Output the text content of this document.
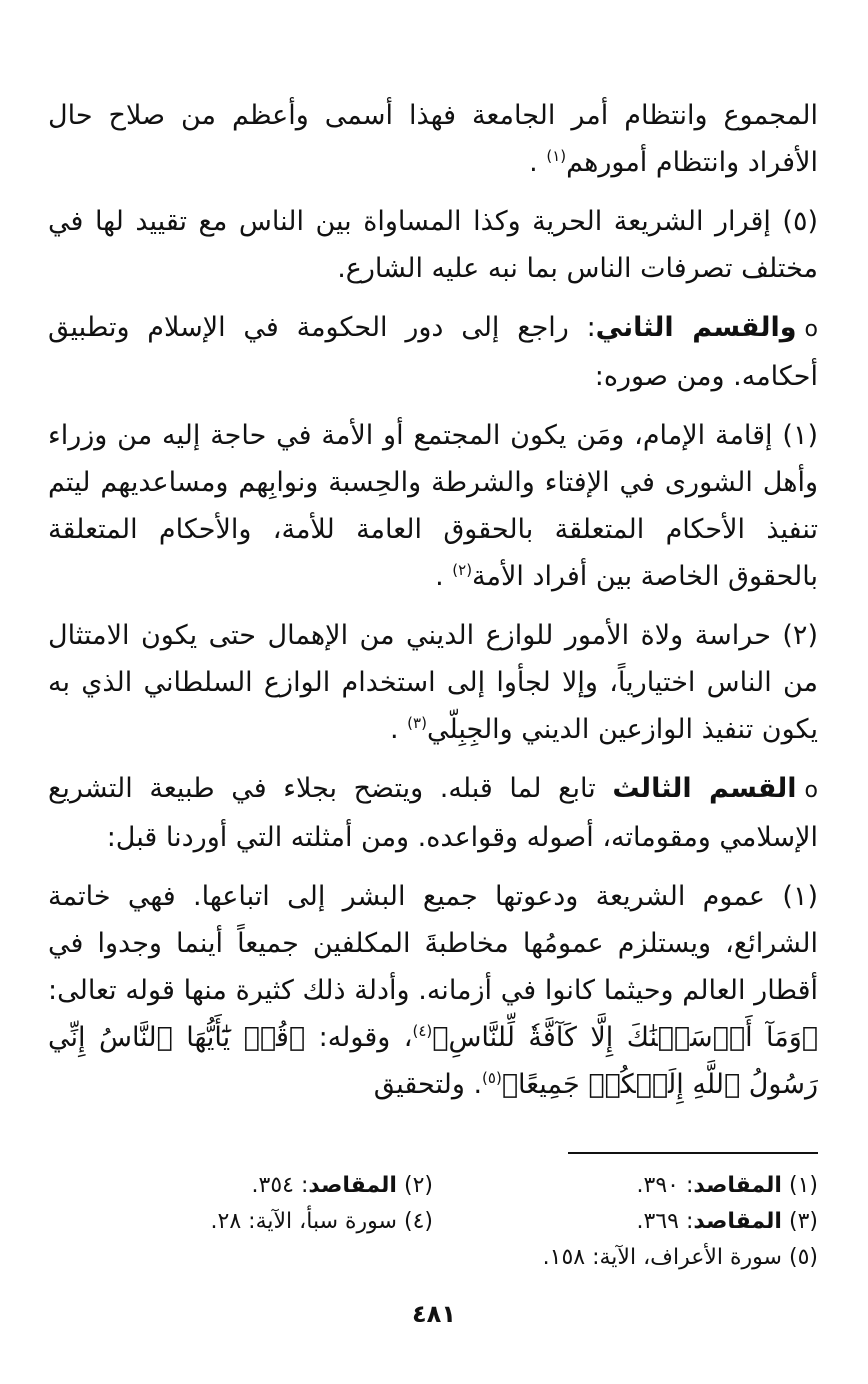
المجموع وانتظام أمر الجامعة فهذا أسمى وأعظم من صلاح حال الأفراد وانتظام أمورهم$^{(١)}$ .

(٥) إقرار الشريعة الحرية وكذا المساواة بين الناس مع تقييد لها في مختلف تصرفات الناس بما نبه عليه الشارع.

oوالقسم الثاني: راجع إلى دور الحكومة في الإسلام وتطبيق أحكامه. ومن صوره:

(١) إقامة الإمام، ومَن يكون المجتمع أو الأمة في حاجة إليه من وزراء وأهل الشورى في الإفتاء والشرطة والحِسبة ونوابِهم ومساعديهم ليتم تنفيذ الأحكام المتعلقة بالحقوق العامة للأمة، والأحكام المتعلقة بالحقوق الخاصة بين أفراد الأمة$^{(٢)}$ .

(٢) حراسة ولاة الأمور للوازع الديني من الإهمال حتى يكون الامتثال من الناس اختيارياً، وإلا لجأوا إلى استخدام الوازع السلطاني الذي به يكون تنفيذ الوازعين الديني والجِبِلّي$^{(٣)}$ .

oالقسم الثالث تابع لما قبله. ويتضح بجلاء في طبيعة التشريع الإسلامي ومقوماته، أصوله وقواعده. ومن أمثلته التي أوردنا قبل:

(١) عموم الشريعة ودعوتها جميع البشر إلى اتباعها. فهي خاتمة الشرائع، ويستلزم عمومُها مخاطبةَ المكلفين جميعاً أينما وجدوا في أقطار العالم وحيثما كانوا في أزمانه. وأدلة ذلك كثيرة منها قوله تعالى: ﴿وَمَآ أَرۡسَلۡنَٰكَ إِلَّا كَآفَّةٗ لِّلنَّاسِ﴾$^{(٤)}$، وقوله: ﴿قُلۡ يَٰٓأَيُّهَا ٱلنَّاسُ إِنِّي رَسُولُ ٱللَّهِ إِلَيۡكُمۡ جَمِيعًا﴾$^{(٥)}$. ولتحقيق

(١) المقاصد: ٣٩٠.
(٢) المقاصد: ٣٥٤.
(٣) المقاصد: ٣٦٩.
(٤) سورة سبأ، الآية: ٢٨.
(٥) سورة الأعراف، الآية: ١٥٨.
٤٨١
